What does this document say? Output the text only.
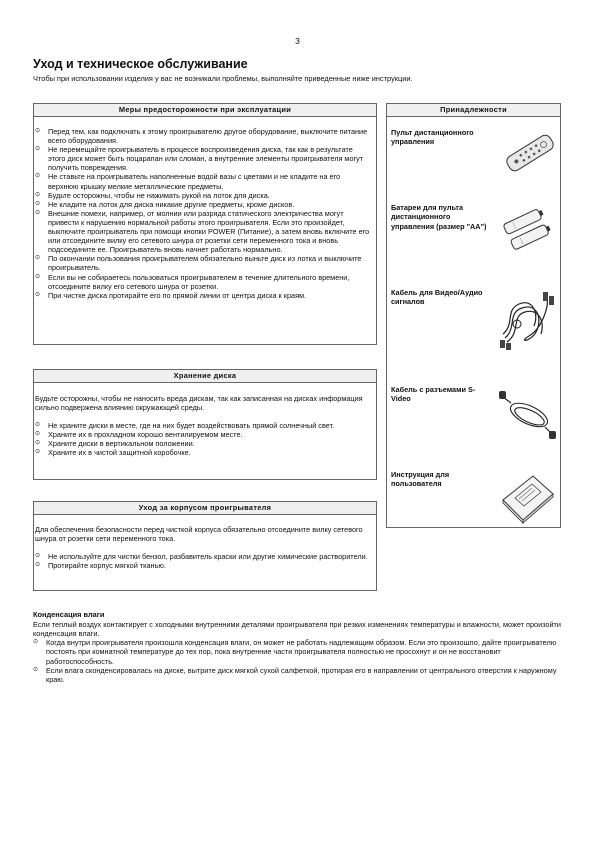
3
Уход и техническое обслуживание

Чтобы при использовании изделия у вас не возникали проблемы, выполняйте приведенные ниже инструкции.

Меры предосторожности при эксплуатации
⊙ Перед тем, как подключать к этому проигрывателю другое оборудование, выключите питание всего оборудования.
⊙ Не перемещайте проигрыватель в процессе воспроизведения диска, так как в результате этого диск может быть поцарапан или сломан, а внутренние элементы проигрывателя могут получить повреждения.
⊙ Не ставьте на проигрыватель наполненные водой вазы с цветами и не кладите на его верхнюю крышку мелкие металлические предметы.
⊙ Будьте осторожны, чтобы не нажимать рукой на лоток для диска.
⊙ Не кладите на лоток для диска никакие другие предметы, кроме дисков.
⊙ Внешние помехи, например, от молнии или разряда статического электричества могут привести к нарушению нормальной работы этого проигрывателя. Если это произойдет, выключите проигрыватель при помощи кнопки POWER (Питание), а затем вновь включите его или отсоедините вилку его сетевого шнура от розетки сети переменного тока и вновь подсоедините ее. Проигрыватель вновь начнет работать нормально.
⊙ По окончании пользования проигрывателем обязательно выньте диск из лотка и выключите проигрыватель.
⊙ Если вы не собираетесь пользоваться проигрывателем в течение длительного времени, отсоедините вилку его сетевого шнура от розетки.
⊙ При чистке диска протирайте его по прямой линии от центра диска к краям.
Хранение диска

Будьте осторожны, чтобы не наносить вреда дискам, так как записанная на дисках информация сильно подвержена влиянию окружающей среды.

⊙ Не храните диски в месте, где на них будет воздействовать прямой солнечный свет.
⊙ Храните их в прохладном хорошо вентилируемом месте.
⊙ Храните диски в вертикальном положении.
⊙ Храните их в чистой защитной коробочке.
Уход за корпусом проигрывателя

Для обеспечения безопасности перед чисткой корпуса обязательно отсоедините вилку сетевого шнура от розетки сети переменного тока.

⊙ Не используйте для чистки бензол, разбавитель краски или другие химические растворители.
⊙ Протирайте корпус мягкой тканью.
Принадлежности
Пульт дистанционного управления
Батареи для пульта дистанционного управления (размер "AA")
Кабель для Видео/Аудио сигналов
Кабель с разъемами S-Video
Инструкция для пользователя

Конденсация влаги

Если теплый воздух контактирует с холодными внутренними деталями проигрывателя при резких изменениях температуры и влажности, может произойти конденсация влаги.

⊙ Когда внутри проигрывателя произошла конденсация влаги, он может не работать надлежащим образом. Если это произошло, дайте проигрывателю постоять при комнатной температуре до тех пор, пока внутренние части проигрывателя полностью не просохнут и он не восстановит работоспособность.
⊙ Если влага сконденсировалась на диске, вытрите диск мягкой сухой салфеткой, протирая его в направлении от центрального отверстия к наружному краю.
